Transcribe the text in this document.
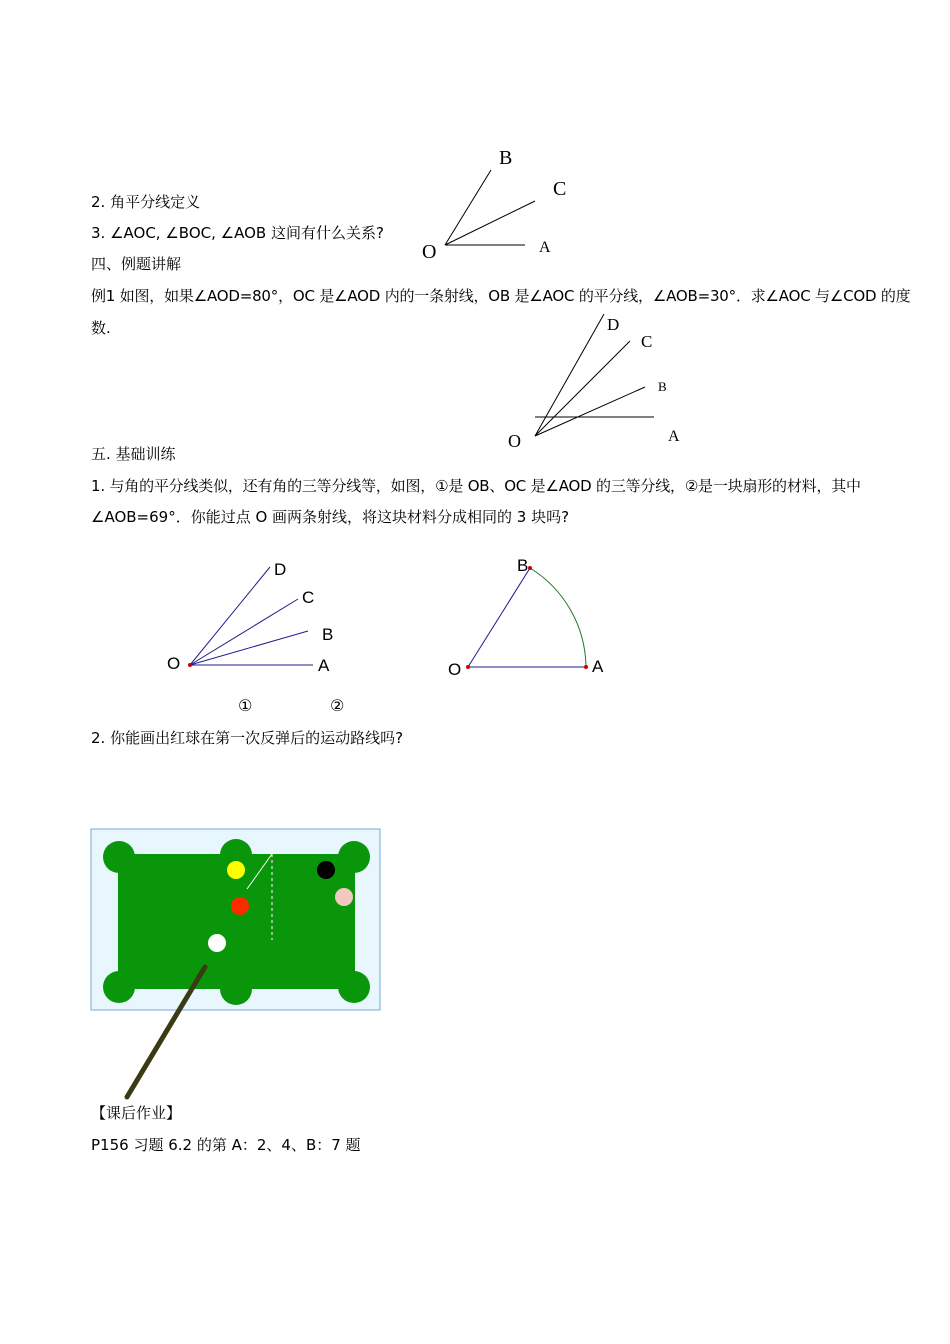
B
C
O	A
2. 角平分线定义
3. ∠AOC, ∠BOC, ∠AOB 这间有什么关系?
四、例题讲解
例1 如图，如果∠AOD=80°，OC 是∠AOD 内的一条射线，OB 是∠AOC 的平分线，∠AOB=30°．求∠AOC 与∠COD 的度
数.	D
C
B
O	A
五. 基础训练
1. 与角的平分线类似，还有角的三等分线等，如图，①是 OB、OC 是∠AOD 的三等分线，②是一块扇形的材料，其中
∠AOB=69°．你能过点 O 画两条射线，将这块材料分成相同的 3 块吗?
D
C
B
O	A
①
B
O	A
②
2. 你能画出红球在第一次反弹后的运动路线吗?
【课后作业】
P156 习题 6.2 的第 A：2、4、B：7 题
